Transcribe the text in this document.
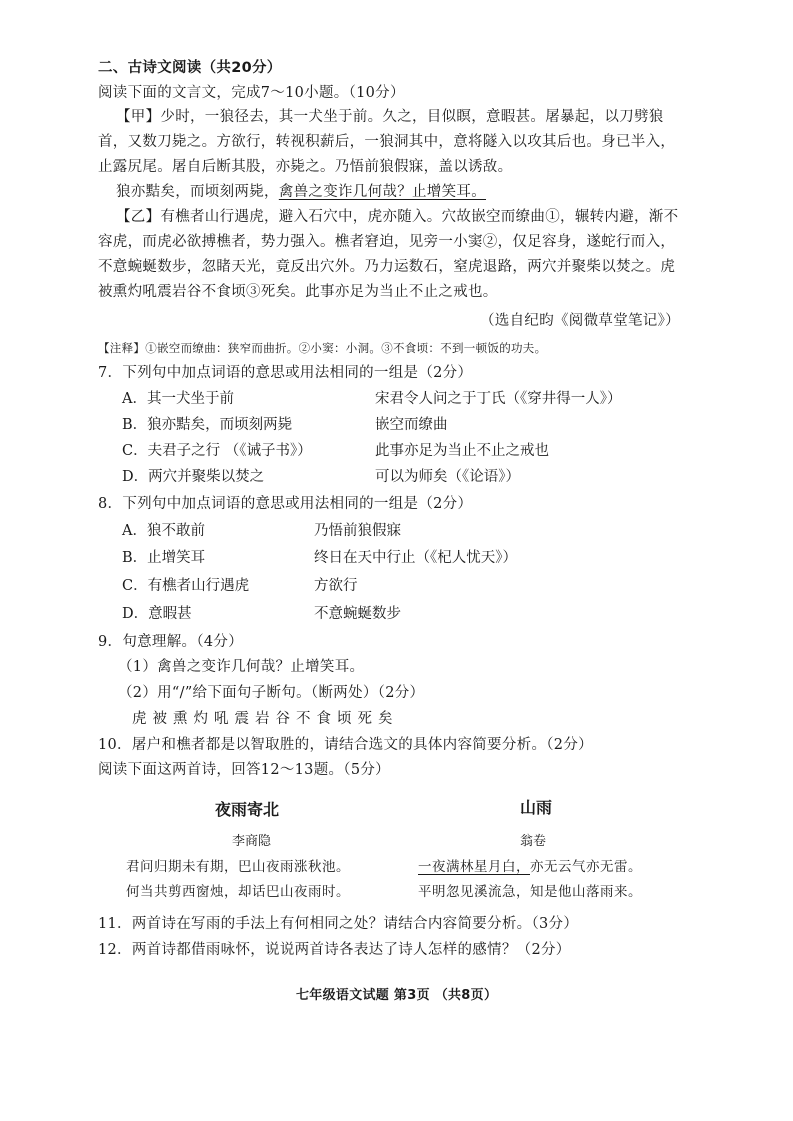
二、古诗文阅读（共20分）
阅读下面的文言文，完成7～10小题。（10分）
【甲】少时，一狼径去，其一犬坐于前。久之，目似瞑，意暇甚。屠暴起，以刀劈狼
首，又数刀毙之。方欲行，转视积薪后，一狼洞其中，意将隧入以攻其后也。身已半入，
止露尻尾。屠自后断其股，亦毙之。乃悟前狼假寐，盖以诱敌。
狼亦黠矣，而顷刻两毙，禽兽之变诈几何哉？止增笑耳。
【乙】有樵者山行遇虎，避入石穴中，虎亦随入。穴故嵌空而缭曲①，辗转内避，渐不
容虎，而虎必欲搏樵者，势力强入。樵者窘迫，见旁一小窦②，仅足容身，遂蛇行而入，
不意蜿蜒数步，忽睹天光，竟反出穴外。乃力运数石，窒虎退路，两穴并聚柴以焚之。虎
被熏灼吼震岩谷不食顷③死矣。此事亦足为当止不止之戒也。
（选自纪昀《阅微草堂笔记》）
【注释】①嵌空而缭曲：狭窄而曲折。②小窦：小洞。③不食顷：不到一顿饭的功夫。
7．下列句中加点词语的意思或用法相同的一组是（2分）
A．其一犬坐于前	宋君令人问之于丁氏（《穿井得一人》）
B．狼亦黠矣，而顷刻两毙	嵌空而缭曲
C．夫君子之行 （《诫子书》）	此事亦足为当止不止之戒也
D．两穴并聚柴以焚之	可以为师矣（《论语》）
8．下列句中加点词语的意思或用法相同的一组是（2分）
A．狼不敢前	乃悟前狼假寐
B．止增笑耳	终日在天中行止（《杞人忧天》）
C．有樵者山行遇虎	方欲行
D．意暇甚	不意蜿蜒数步
9．句意理解。（4分）
（1）禽兽之变诈几何哉？止增笑耳。
（2）用“/”给下面句子断句。（断两处）（2分）
虎被熏灼吼震岩谷不食顷死矣
10．屠户和樵者都是以智取胜的，请结合选文的具体内容简要分析。（2分）
阅读下面这两首诗，回答12～13题。（5分）
夜雨寄北
李商隐
君问归期未有期，巴山夜雨涨秋池。
何当共剪西窗烛，却话巴山夜雨时。
山雨
翁卷
一夜满林星月白，亦无云气亦无雷。
平明忽见溪流急，知是他山落雨来。
11．两首诗在写雨的手法上有何相同之处？请结合内容简要分析。（3分）
12．两首诗都借雨咏怀，说说两首诗各表达了诗人怎样的感情？（2分）
七年级语文试题 第3页 （共8页）
